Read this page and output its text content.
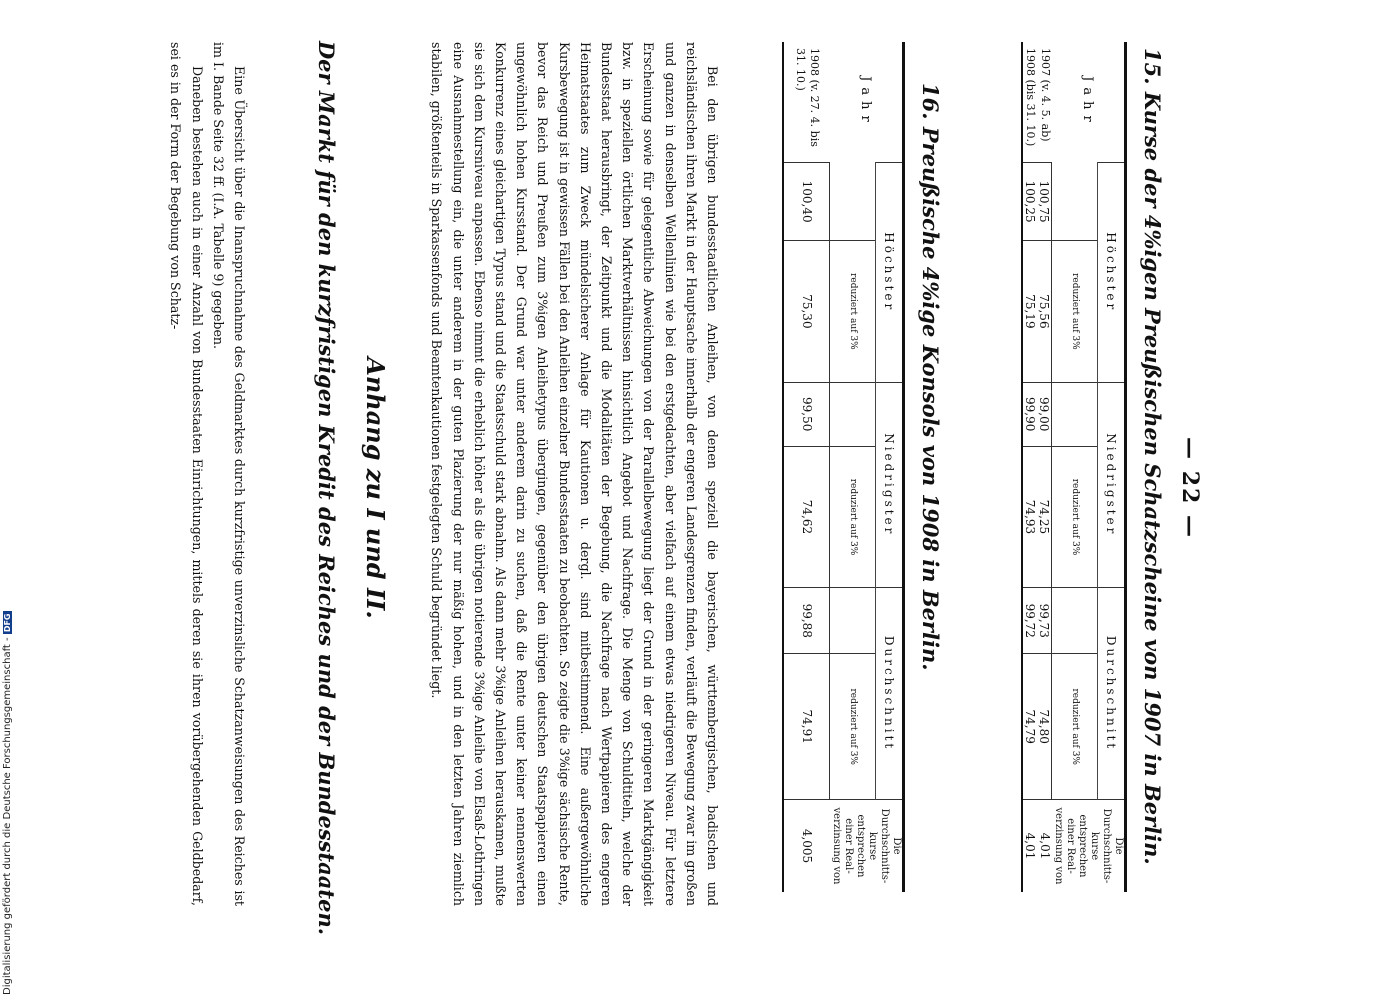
— 22 —
15. Kurse der 4%igen Preußischen Schatzscheine von 1907 in Berlin.
Jahr	Höchster		Niedrigster		Durchschnitt		Die Durchschnitts-kurse entsprechen einer Real-verzinsung von
		reduziert auf 3%		reduziert auf 3%		reduziert auf 3%	
1907 (v. 4. 5. ab)	100,75	75,56	99,00	74,25	99,73	74,80	4,01
1908 (bis 31. 10.)	100,25	75,19	99,90	74,93	99,72	74,79	4,01
16. Preußische 4%ige Konsols von 1908 in Berlin.
Jahr	Höchster		Niedrigster		Durchschnitt		Die Durchschnitts-kurse entsprechen einer Real-verzinsung von
		reduziert auf 3%		reduziert auf 3%		reduziert auf 3%	
1908 (v. 27. 4. bis 31. 10.)	100,40	75,30	99,50	74,62	99,88	74,91	4,005

Bei den übrigen bundesstaatlichen Anleihen, von denen speziell die bayerischen, württembergischen, badischen und reichsländischen ihren Markt in der Hauptsache innerhalb der engeren Landesgrenzen finden, verläuft die Bewegung zwar im großen und ganzen in denselben Wellenlinien wie bei den erstgedachten, aber vielfach auf einem etwas niedrigeren Niveau. Für letztere Erscheinung sowie für gelegentliche Abweichungen von der Parallelbewegung liegt der Grund in der geringeren Marktgängigkeit bzw. in speziellen örtlichen Marktverhältnissen hinsichtlich Angebot und Nachfrage. Die Menge von Schuldtiteln, welche der Bundesstaat herausbringt, der Zeitpunkt und die Modalitäten der Begebung, die Nachfrage nach Wertpapieren des engeren Heimatstaates zum Zweck mündelsicherer Anlage für Kautionen u. dergl. sind mitbestimmend. Eine außergewöhnliche Kursbewegung ist in gewissen Fällen bei den Anleihen einzelner Bundesstaaten zu beobachten. So zeigte die 3%ige sächsische Rente, bevor das Reich und Preußen zum 3%igen Anleihetypus übergingen, gegenüber den übrigen deutschen Staatspapieren einen ungewöhnlich hohen Kursstand. Der Grund war unter anderem darin zu suchen, daß die Rente unter keiner nennenswerten Konkurrenz eines gleichartigen Typus stand und die Staatsschuld stark abnahm. Als dann mehr 3%ige Anleihen herauskamen, mußte sie sich dem Kursniveau anpassen. Ebenso nimmt die erheblich höher als die übrigen notierende 3%ige Anleihe von Elsaß-Lothringen eine Ausnahmestellung ein, die unter anderem in der guten Plazierung der nur mäßig hohen, und in den letzten Jahren ziemlich stabilen, größtenteils in Sparkassenfonds und Beamtenkautionen festgelegten Schuld begründet liegt.

Anhang zu I und II.
Der Markt für den kurzfristigen Kredit des Reiches und der Bundesstaaten.

Eine Übersicht über die Inanspruchnahme des Geldmarktes durch kurzfristige unverzinsliche Schatzanweisungen des Reiches ist im I. Bande Seite 32 ff. (I.A. Tabelle 9) gegeben.

Daneben bestehen auch in einer Anzahl von Bundesstaaten Einrichtungen, mittels deren sie ihren vorübergehenden Geldbedarf, sei es in der Form der Begebung von Schatz-

Digitalisierung gefördert durch die Deutsche Forschungsgemeinschaft - DFG
